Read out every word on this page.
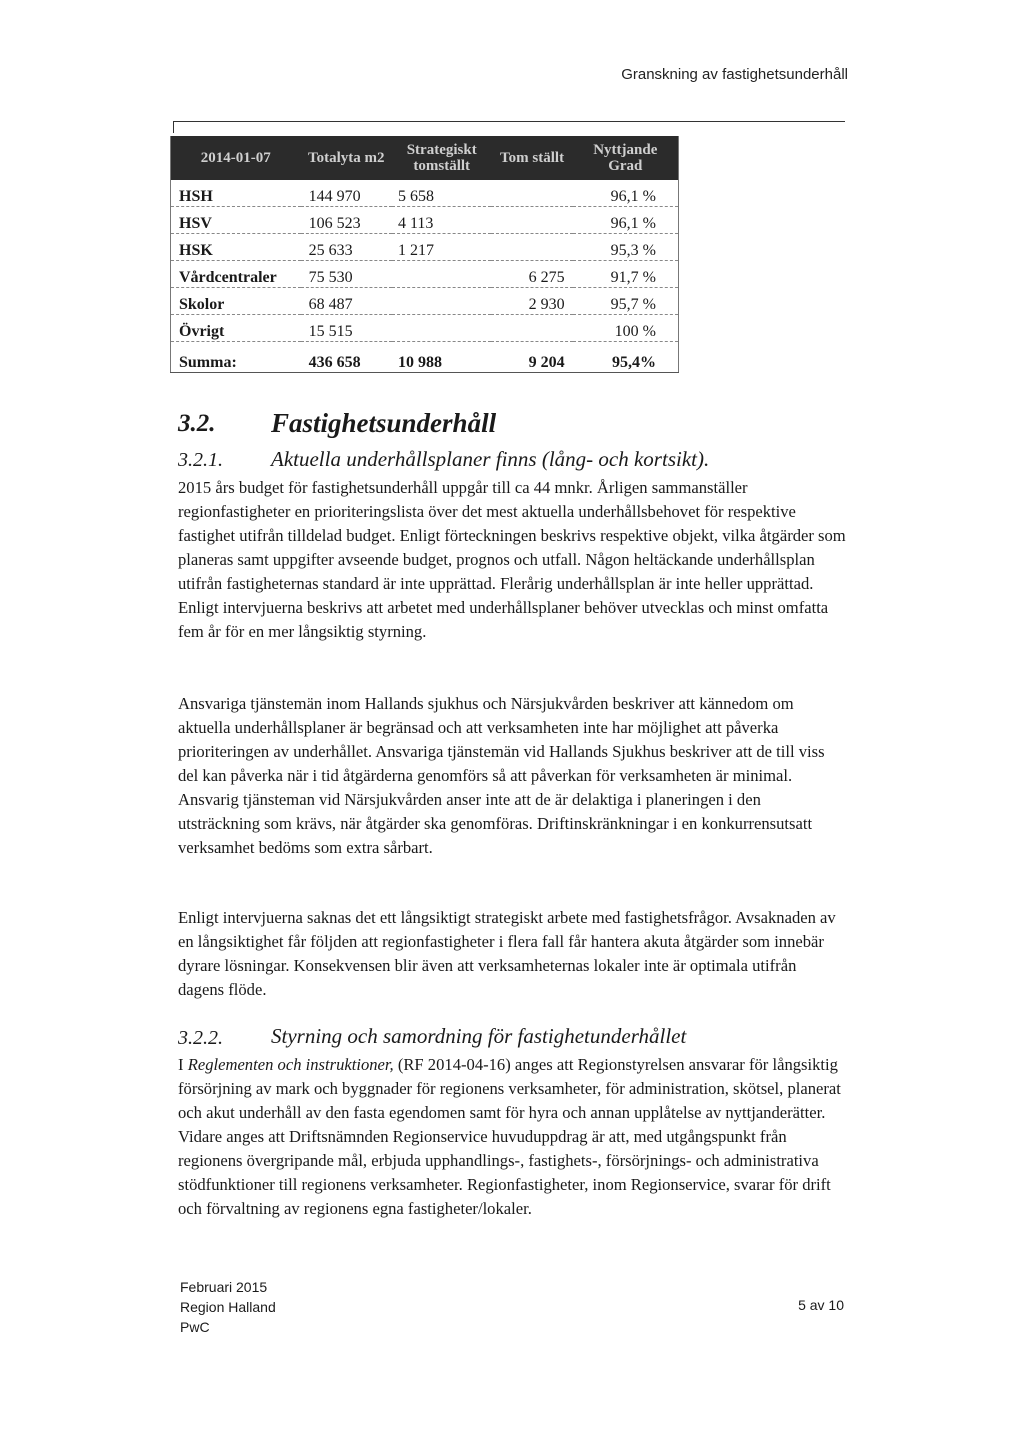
Granskning av fastighetsunderhåll
2014-01-07	Totalyta m2	Strategiskt tomställt	Tom ställt	Nyttjande Grad
HSH	144 970	5 658		96,1 %
HSV	106 523	4 113		96,1 %
HSK	25 633	1 217		95,3 %
Vårdcentraler	75 530		6 275	91,7 %
Skolor	68 487		2 930	95,7 %
Övrigt	15 515			100 %
Summa:	436 658	10 988	9 204	95,4%
3.2. Fastighetsunderhåll
3.2.1. Aktuella underhållsplaner finns (lång- och kortsikt).

2015 års budget för fastighetsunderhåll uppgår till ca 44 mnkr. Årligen sammanställer regionfastigheter en prioriteringslista över det mest aktuella underhållsbehovet för respektive fastighet utifrån tilldelad budget. Enligt förteckningen beskrivs respektive objekt, vilka åtgärder som planeras samt uppgifter avseende budget, prognos och utfall. Någon heltäckande underhållsplan utifrån fastigheternas standard är inte upprättad. Flerårig underhållsplan är inte heller upprättad. Enligt intervjuerna beskrivs att arbetet med underhållsplaner behöver utvecklas och minst omfatta fem år för en mer långsiktig styrning.

Ansvariga tjänstemän inom Hallands sjukhus och Närsjukvården beskriver att kännedom om aktuella underhållsplaner är begränsad och att verksamheten inte har möjlighet att påverka prioriteringen av underhållet. Ansvariga tjänstemän vid Hallands Sjukhus beskriver att de till viss del kan påverka när i tid åtgärderna genomförs så att påverkan för verksamheten är minimal. Ansvarig tjänsteman vid Närsjukvården anser inte att de är delaktiga i planeringen i den utsträckning som krävs, när åtgärder ska genomföras. Driftinskränkningar i en konkurrensutsatt verksamhet bedöms som extra sårbart.

Enligt intervjuerna saknas det ett långsiktigt strategiskt arbete med fastighetsfrågor. Avsaknaden av en långsiktighet får följden att regionfastigheter i flera fall får hantera akuta åtgärder som innebär dyrare lösningar. Konsekvensen blir även att verksamheternas lokaler inte är optimala utifrån dagens flöde.

3.2.2. Styrning och samordning för fastighetunderhållet

I Reglementen och instruktioner, (RF 2014-04-16) anges att Regionstyrelsen ansvarar för långsiktig försörjning av mark och byggnader för regionens verksamheter, för administration, skötsel, planerat och akut underhåll av den fasta egendomen samt för hyra och annan upplåtelse av nyttjanderätter. Vidare anges att Driftsnämnden Regionservice huvuduppdrag är att, med utgångspunkt från regionens övergripande mål, erbjuda upphandlings-, fastighets-, försörjnings- och administrativa stödfunktioner till regionens verksamheter. Regionfastigheter, inom Regionservice, svarar för drift och förvaltning av regionens egna fastigheter/lokaler.

Februari 2015
Region Halland
PwC
5 av 10
